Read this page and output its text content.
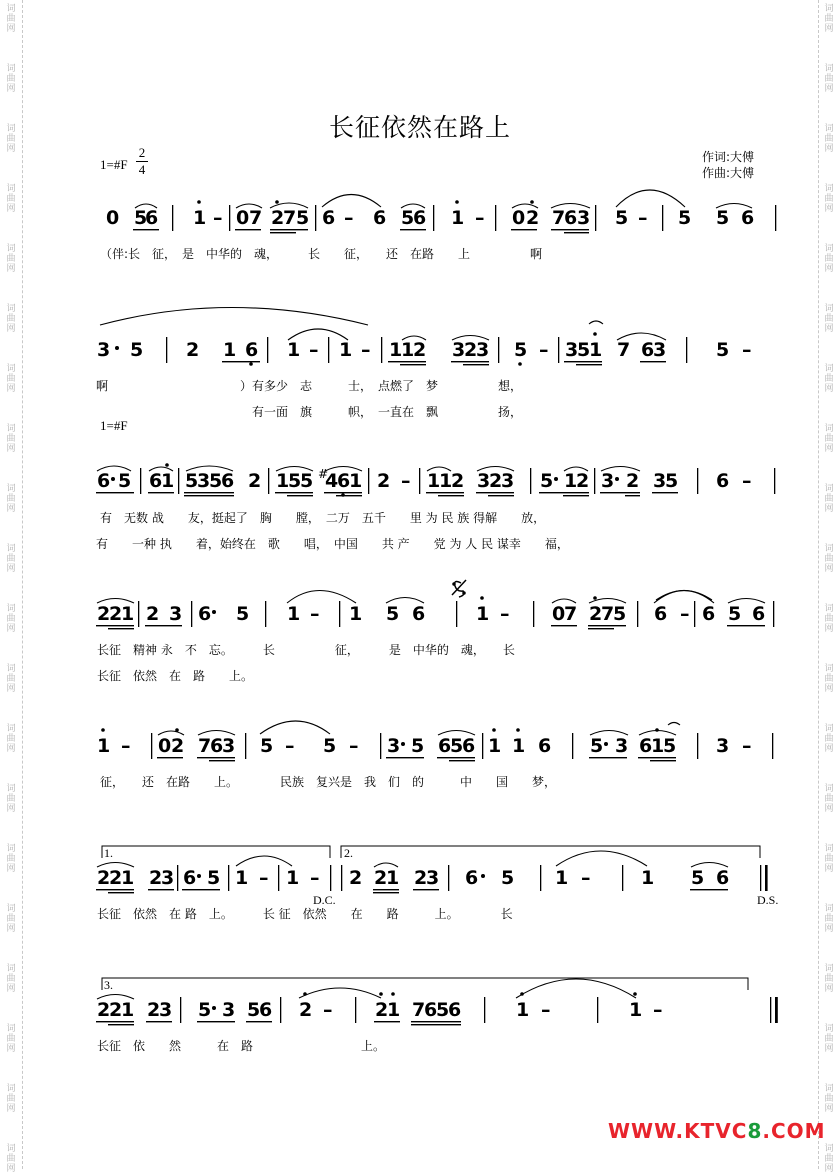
词
曲
网
词
曲
网
词
曲
网
词
曲
网
词
曲
网
词
曲
网
词
曲
网
词
曲
网
词
曲
网
词
曲
网
词
曲
网
词
曲
网
词
曲
网
词
曲
网
词
曲
网
词
曲
网
词
曲
网
词
曲
网
词
曲
网
词
曲
网
词
曲
网
词
曲
网
词
曲
网
词
曲
网
词
曲
网
词
曲
网
词
曲
网
词
曲
网
词
曲
网
词
曲
网
词
曲
网
词
曲
网
词
曲
网
词
曲
网
词
曲
网
词
曲
网
词
曲
网
词
曲
网
词
曲
网
词
曲
网
长征依然在路上
1=#F $\frac{2}{4}$	作词:大傅
作曲:大傅
1=#F
0 5
6 1 – 0 7 2
7 5 6 – 6 5
6 1 – 0 2 7
6 3 5 – 5 5 6
3 5 2 1 6 1 – 1 – 1
1
2 3
2
3 5 – 3
5
1 7 6
3	5 –
6 5 6
1 5
3
5
6 2 1
5
5 #
4
6
1 2 – 1
1
2 3
2
3 5 1
2 3 2 3
5 6 –
2
2
1 2 3 6 5 1 – 1 5 6	1 – 0
7 2
7
5 6 – 6 5 6
1 – 0 2 7
6
3 5 – 5 – 3 5 6
5
6 1 1 6 5 3 6
1
5 3 –
2
2
1 2
3 6 5 1 – 1 – 2 2
1 2
3 6 5 1 –	1 5 6
2
2
1 2
3 5 3 5
6 2 – 2
1 7
6
5
6	1 –	1 –
1.	2.
3.
D.C.	D.S.
（伴:长　征，　是　中华的　魂，　　　长　　征，　　还　在路　　上　　　　　啊
啊　　　　　　　　　　　）有多少　志　　　士，　点燃了　梦　　　　　想，
　　　　　　　　　　　　　有一面　旗　　　帜，　一直在　飘　　　　　扬，
有　无数 战　　友，挺起了　胸　　膛，　二万　五千　　里 为 民 族 得解　　放，
有　　一种 执　　着，始终在　歌　　唱，　中国　　共 产　　党 为 人 民 谋幸　　福，
长征　精神 永　不　忘。　　　长　　　　　征，　　　是　中华的　魂，　　长
长征　依然　在　路　　上。
征，　　还　在路　　上。　　　　民族　复兴是　我　们　的　　　中　　国　　梦，
长征　依然　在 路　上。　　　长 征　依然　　在　　路　　　上。　　　　长
长征　依　　然　　　在　路　　　　　　　　　上。
WWW.KTVC8.COM
